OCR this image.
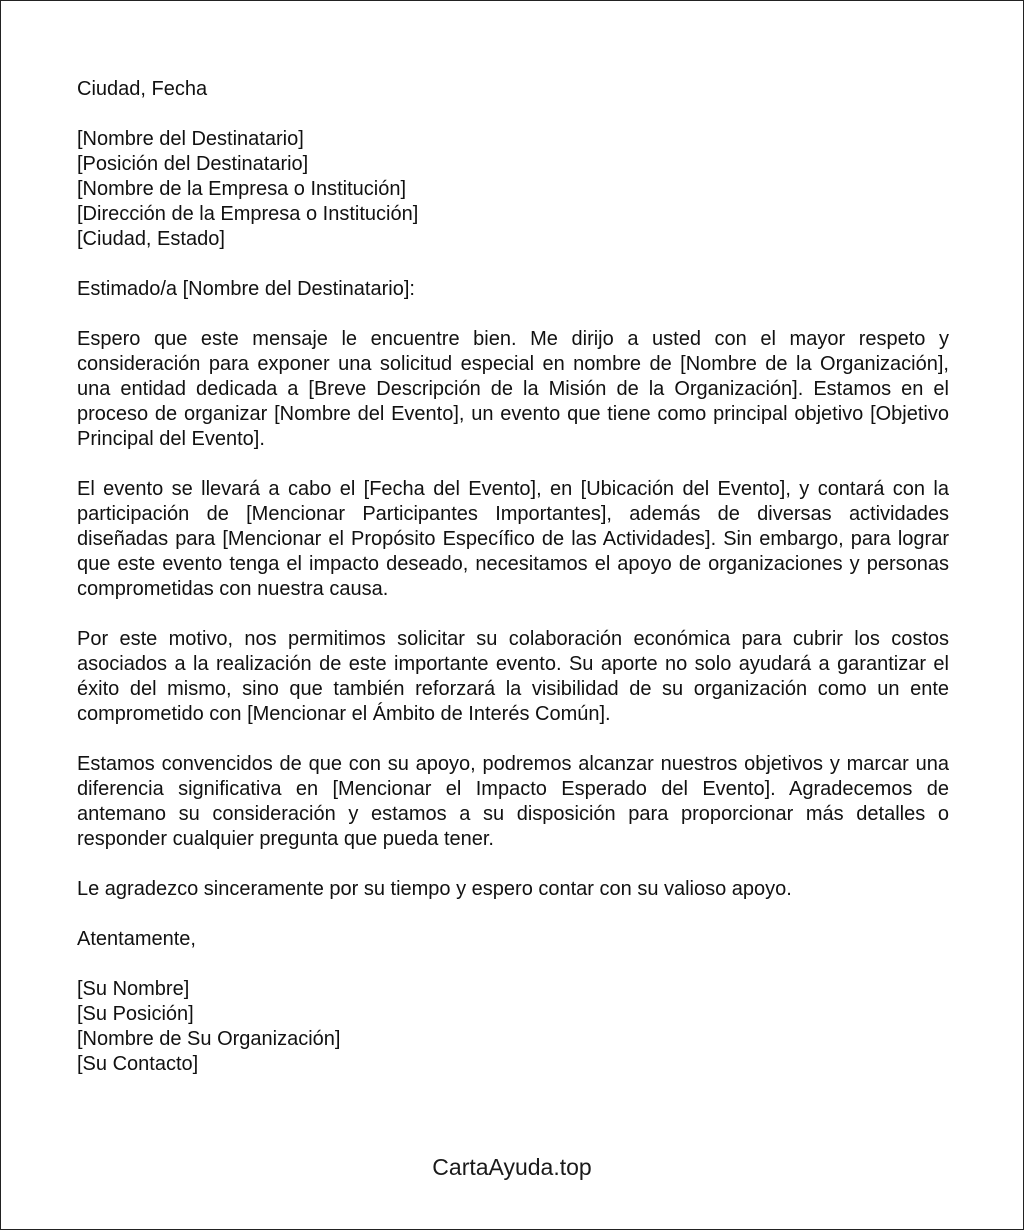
Ciudad, Fecha
[Nombre del Destinatario]
[Posición del Destinatario]
[Nombre de la Empresa o Institución]
[Dirección de la Empresa o Institución]
[Ciudad, Estado]
Estimado/a [Nombre del Destinatario]:

Espero que este mensaje le encuentre bien. Me dirijo a usted con el mayor respeto y consideración para exponer una solicitud especial en nombre de [Nombre de la Organización], una entidad dedicada a [Breve Descripción de la Misión de la Organización]. Estamos en el proceso de organizar [Nombre del Evento], un evento que tiene como principal objetivo [Objetivo Principal del Evento].

El evento se llevará a cabo el [Fecha del Evento], en [Ubicación del Evento], y contará con la participación de [Mencionar Participantes Importantes], además de diversas actividades diseñadas para [Mencionar el Propósito Específico de las Actividades]. Sin embargo, para lograr que este evento tenga el impacto deseado, necesitamos el apoyo de organizaciones y personas comprometidas con nuestra causa.

Por este motivo, nos permitimos solicitar su colaboración económica para cubrir los costos asociados a la realización de este importante evento. Su aporte no solo ayudará a garantizar el éxito del mismo, sino que también reforzará la visibilidad de su organización como un ente comprometido con [Mencionar el Ámbito de Interés Común].

Estamos convencidos de que con su apoyo, podremos alcanzar nuestros objetivos y marcar una diferencia significativa en [Mencionar el Impacto Esperado del Evento]. Agradecemos de antemano su consideración y estamos a su disposición para proporcionar más detalles o responder cualquier pregunta que pueda tener.

Le agradezco sinceramente por su tiempo y espero contar con su valioso apoyo.

Atentamente,
[Su Nombre]
[Su Posición]
[Nombre de Su Organización]
[Su Contacto]
CartaAyuda.top
